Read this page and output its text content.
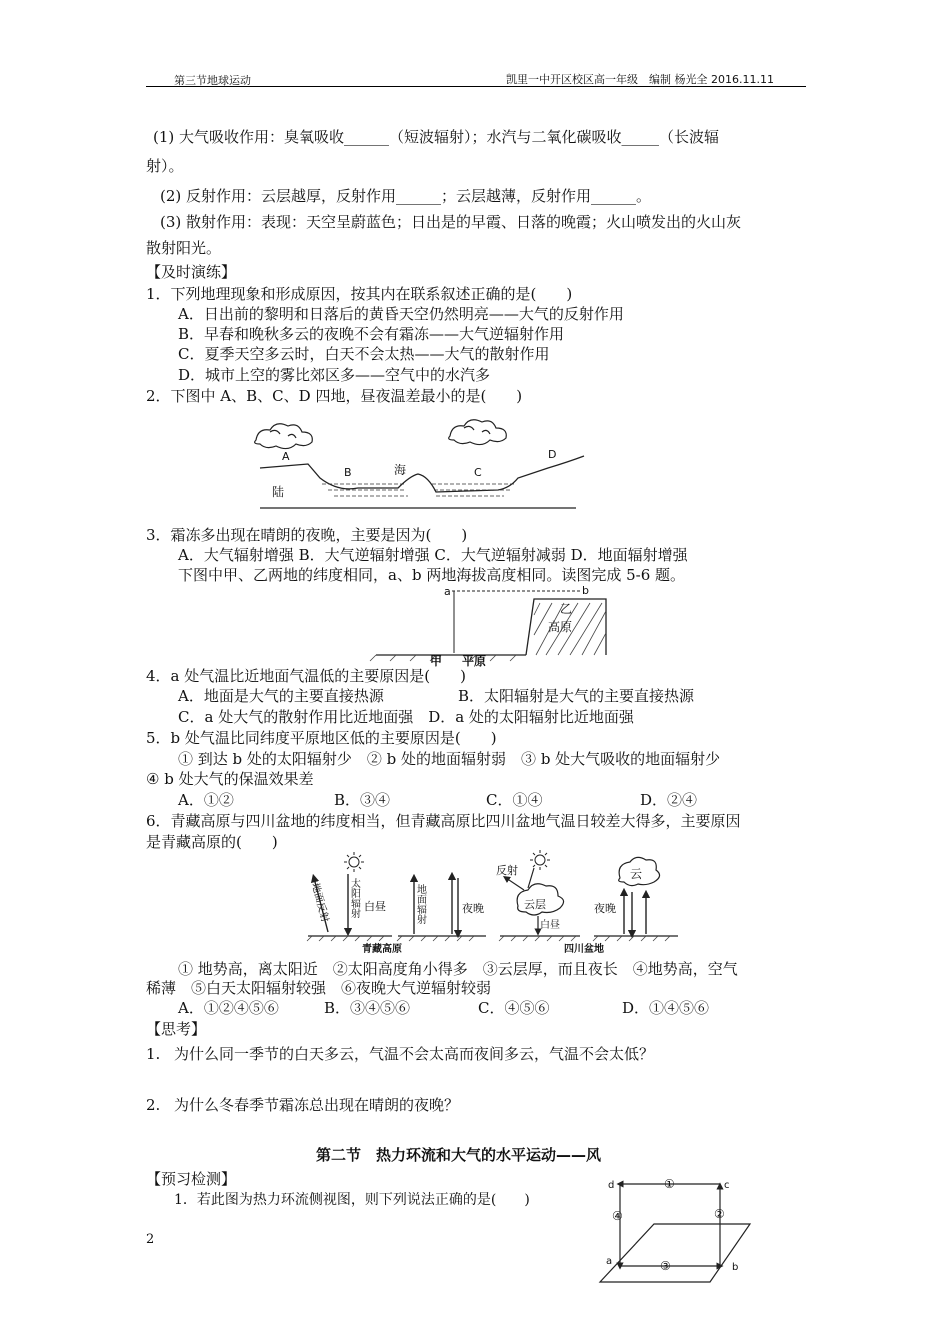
第三节地球运动	凯里一中开区校区高一年级　编制 杨光全 2016.11.11
(1) 大气吸收作用：臭氧吸收______（短波辐射）；水汽与二氧化碳吸收_____（长波辐
射）。
(2) 反射作用：云层越厚，反射作用______；云层越薄，反射作用______。
(3) 散射作用：表现：天空呈蔚蓝色；日出是的早霞、日落的晚霞；火山喷发出的火山灰
散射阳光。
【及时演练】
1．下列地理现象和形成原因，按其内在联系叙述正确的是(　　)
A．日出前的黎明和日落后的黄昏天空仍然明亮——大气的反射作用
B．早春和晚秋多云的夜晚不会有霜冻——大气逆辐射作用
C．夏季天空多云时，白天不会太热——大气的散射作用
D．城市上空的雾比郊区多——空气中的水汽多
2．下图中 A、B、C、D 四地，昼夜温差最小的是(　　)
A
B	海	C
D
陆
3．霜冻多出现在晴朗的夜晚，主要是因为(　　)
A．大气辐射增强 B．大气逆辐射增强 C．大气逆辐射减弱 D．地面辐射增强
下图中甲、乙两地的纬度相同，a、b 两地海拔高度相同。读图完成 5-6 题。
a	b
乙
高原
甲 平原
4．a 处气温比近地面气温低的主要原因是(　　)
A．地面是大气的主要直接热源	B．太阳辐射是大气的主要直接热源
C．a 处大气的散射作用比近地面强　D．a 处的太阳辐射比近地面强
5．b 处气温比同纬度平原地区低的主要原因是(　　)
① 到达 b 处的太阳辐射少　② b 处的地面辐射弱　③ b 处大气吸收的地面辐射少
④ b 处大气的保温效果差
A．①②	B．③④	C．①④	D．②④
6．青藏高原与四川盆地的纬度相当，但青藏高原比四川盆地气温日较差大得多，主要原因
是青藏高原的(　　)
地面反射 太阳辐射 白昼	地面辐射	夜晚
青藏高原
反射
云层
白昼
云
夜晚
四川盆地
① 地势高，离太阳近　②太阳高度角小得多　③云层厚，而且夜长　④地势高，空气
稀薄　⑤白天太阳辐射较强　⑥夜晚大气逆辐射较弱
A．①②④⑤⑥	B．③④⑤⑥	C．④⑤⑥	D．①④⑤⑥
【思考】
1. 为什么同一季节的白天多云，气温不会太高而夜间多云，气温不会太低？
2. 为什么冬春季节霜冻总出现在晴朗的夜晚？
第二节　热力环流和大气的水平运动——风
【预习检测】
1．若此图为热力环流侧视图，则下列说法正确的是(　　)
d	c
a
b
①
②
③
④
2
